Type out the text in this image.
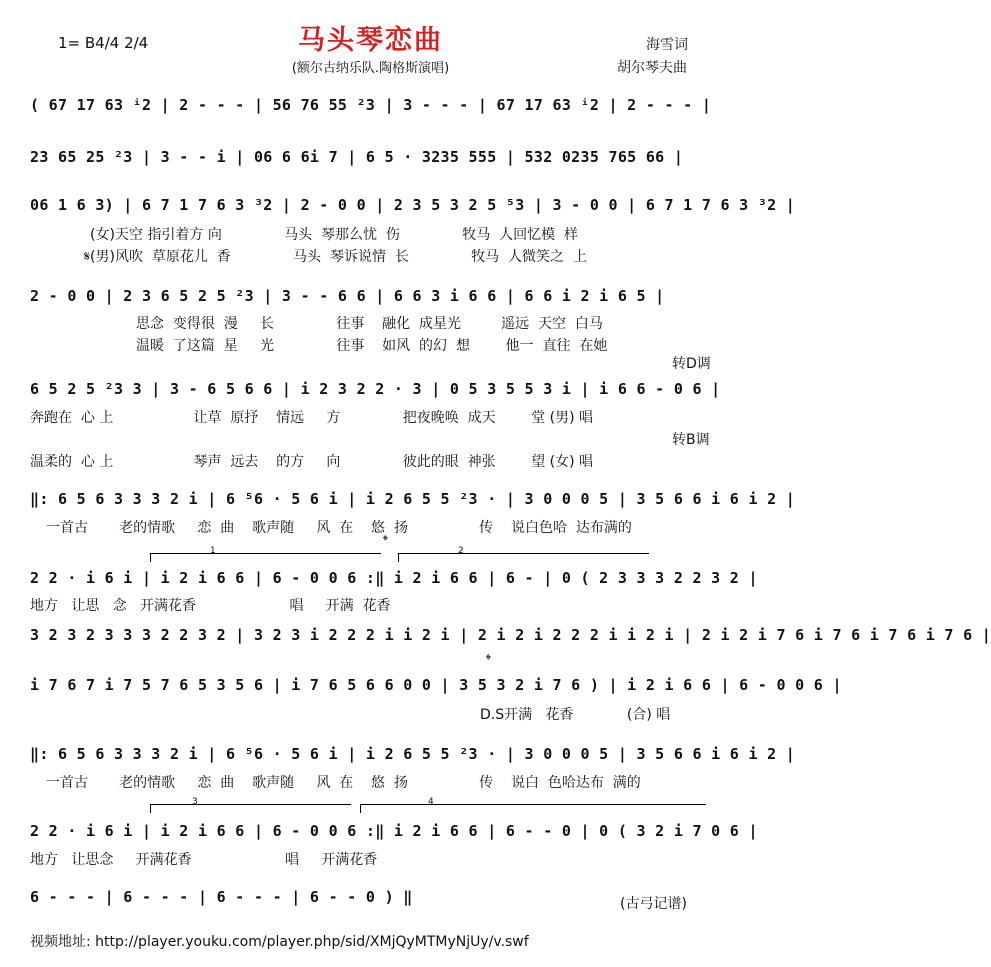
1= B4/4 2/4	马头琴恋曲
(额尔古纳乐队.陶格斯演唱)
海雪词
胡尔琴夫曲
( 67 17 63 ⁱ2 | 2 - - - | 56 76 55 ²3 | 3 - - - | 67 17 63 ⁱ2 | 2 - - - |
23 65 25 ²3 | 3 - - i | 06 6 6i 7 | 6 5 · 3235 555 | 532 0235 765 66 |
06 1 6 3) | 6 7 1 7 6 3 ³2 | 2 - 0 0 | 2 3 5 3 2 5 ⁵3 | 3 - 0 0 | 6 7 1 7 6 3 ³2 |
(女)天空 指引着方 向              马头  琴那么忧  伤              牧马  人回忆模  样
𝄋(男)风吹  草原花儿  香              马头  琴诉说情  长              牧马  人微笑之  上
2 - 0 0 | 2 3 6 5 2 5 ²3 | 3 - - 6 6 | 6 6 3 i 6 6 | 6 6 i 2 i 6 5 |
思念  变得很  漫     长              往事    融化  成星光         遥远  天空  白马
温暖  了这篇  星     光              往事    如风  的幻  想        他一  直往  在她
转D调
6 5 2 5 ²3 3 | 3 - 6 5 6 6 | i 2 3 2 2 · 3 | 0 5 3 5 5 3 i | i 6 6 - 0 6 |
奔跑在  心 上                  让草  原抒    情远     方              把夜晚唤  成天        堂 (男) 唱
转B调
温柔的  心 上                  琴声  远去    的方     向              彼此的眼  神张        望 (女) 唱
‖: 6 5 6 3 3 3 2 i | 6 ⁵6 · 5 6 i | i 2 6 5 5 ²3 · | 3 0 0 0 5 | 3 5 6 6 i 6 i 2 |
一首古       老的情歌     恋  曲    歌声随     风  在    悠  扬                传    说白色哈  达布满的
1	2
𝄌
2 2 · i 6 i | i 2 i 6 6 | 6 - 0 0 6 :‖ i 2 i 6 6 | 6 - | 0 ( 2 3 3 3 2 2 3 2 |
地方   让思   念   开满花香                     唱     开满  花香
3 2 3 2 3 3 3 2 2 3 2 | 3 2 3 i 2 2 2 i i 2 i | 2 i 2 i 2 2 2 i i 2 i | 2 i 2 i 7 6 i 7 6 i 7 6 i 7 6 |
𝄌
i 7 6 7 i 7 5 7 6 5 3 5 6 | i 7 6 5 6 6 0 0 | 3 5 3 2 i 7 6 ) | i 2 i 6 6 | 6 - 0 0 6 |
D.S开满   花香            (合) 唱
‖: 6 5 6 3 3 3 2 i | 6 ⁵6 · 5 6 i | i 2 6 5 5 ²3 · | 3 0 0 0 5 | 3 5 6 6 i 6 i 2 |
一首古       老的情歌     恋  曲    歌声随     风  在    悠  扬                传    说白  色哈达布  满的
3	4
2 2 · i 6 i | i 2 i 6 6 | 6 - 0 0 6 :‖ i 2 i 6 6 | 6 - - 0 | 0 ( 3 2 i 7 0 6 |
地方   让思念     开满花香                     唱     开满花香
6 - - - | 6 - - - | 6 - - - | 6 - - 0 ) ‖	(古弓记谱)
视频地址: http://player.youku.com/player.php/sid/XMjQyMTMyNjUy/v.swf
